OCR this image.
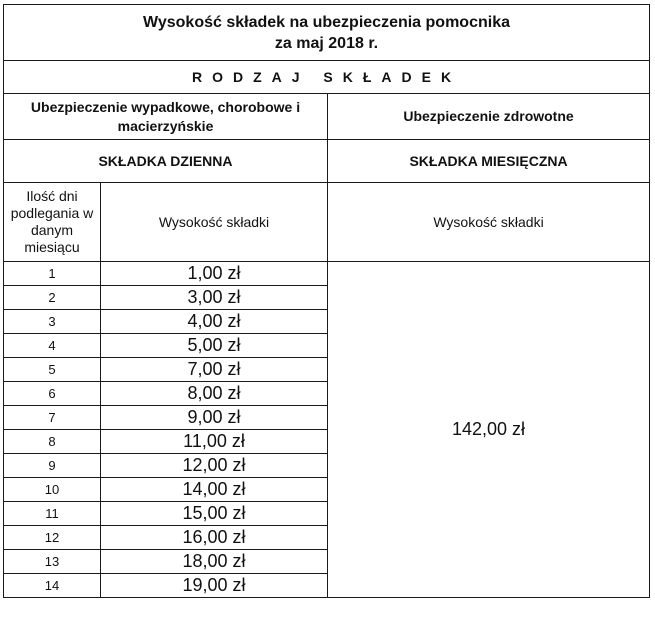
Wysokość składek na ubezpieczenia pomocnika
za maj 2018 r.		

RODZAJ SKŁADEK		
Ubezpieczenie wypadkowe, chorobowe i macierzyńskie		Ubezpieczenie zdrowotne
SKŁADKA DZIENNA		SKŁADKA MIESIĘCZNA
Ilość dni podlegania w danym miesiącu	Wysokość składki	Wysokość składki
1	1,00 zł	142,00 zł
2	3,00 zł	
3	4,00 zł	
4	5,00 zł	
5	7,00 zł	
6	8,00 zł	
7	9,00 zł	
8	11,00 zł	
9	12,00 zł	
10	14,00 zł	
11	15,00 zł	
12	16,00 zł	
13	18,00 zł	
14	19,00 zł	
